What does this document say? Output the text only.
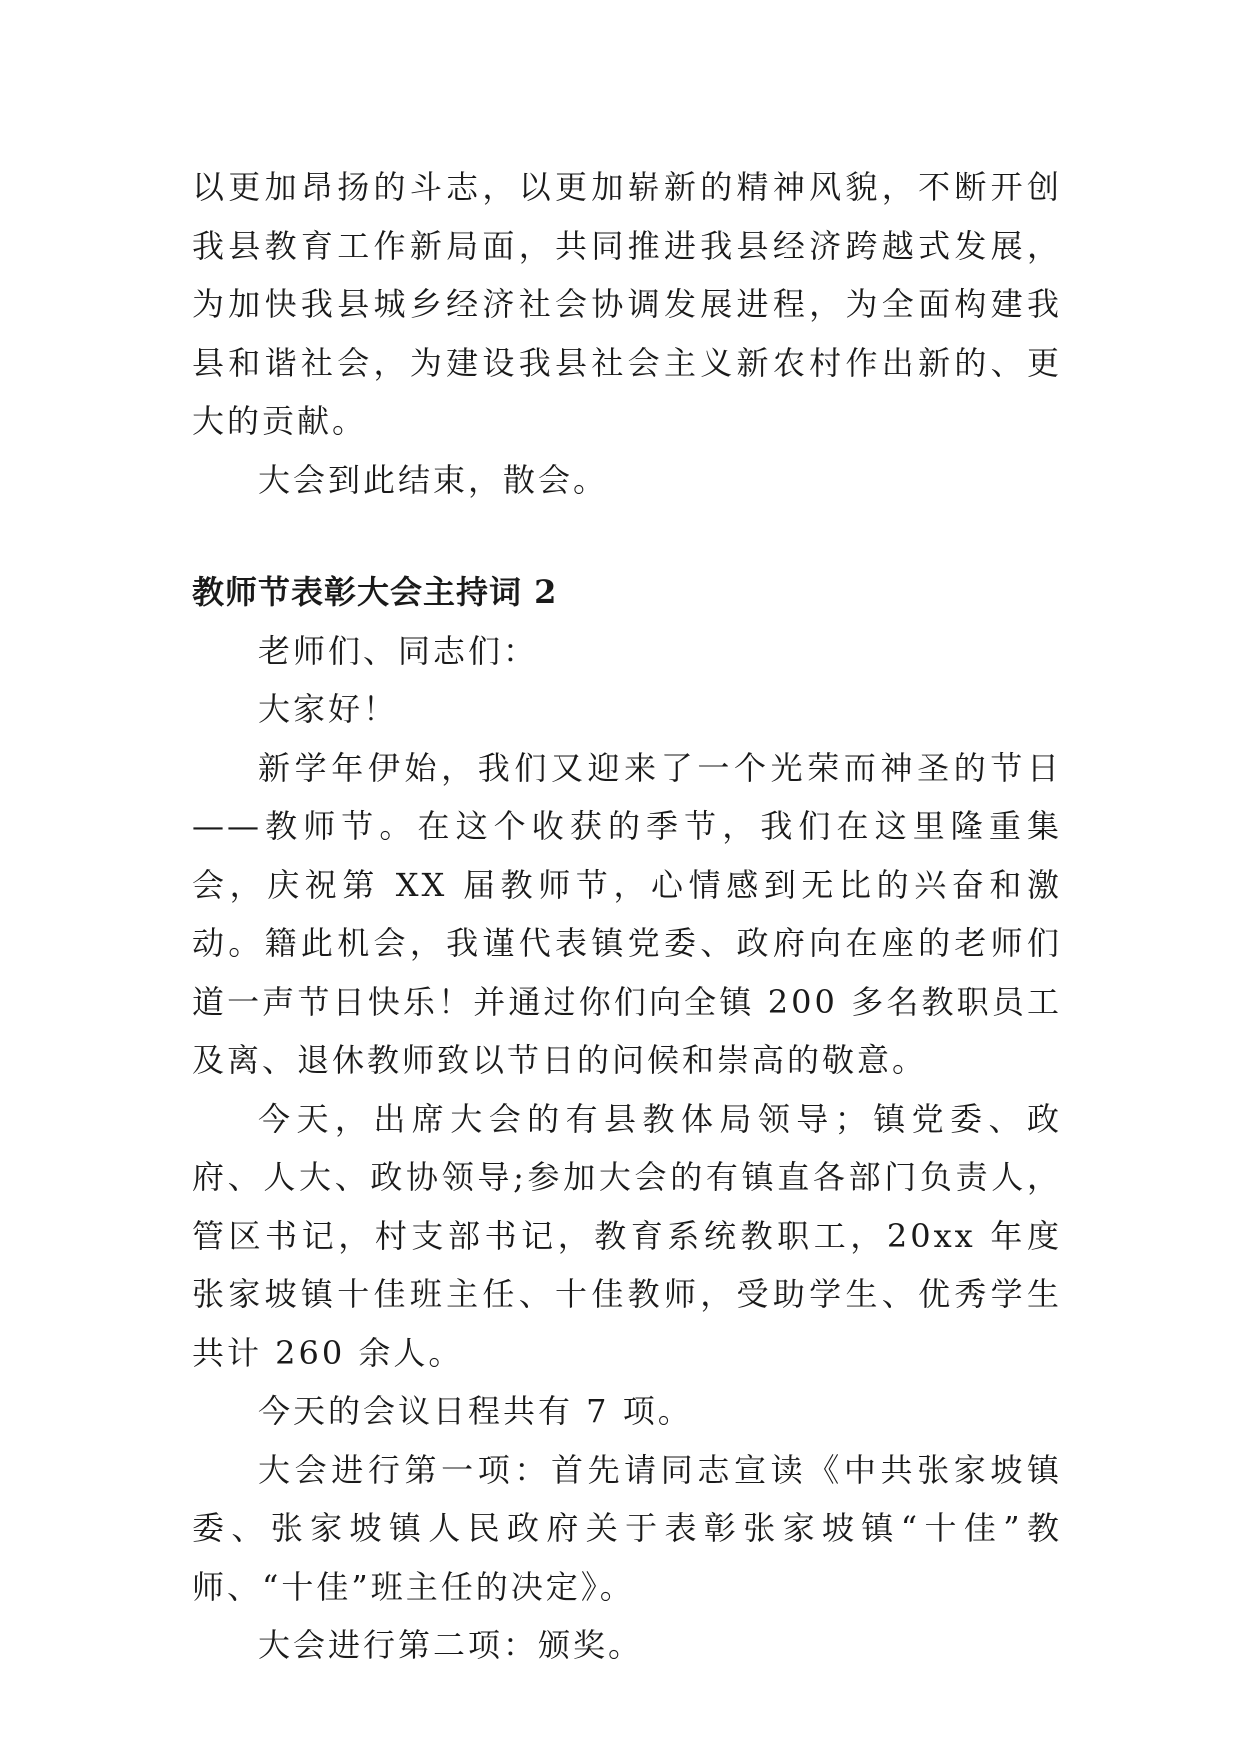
以更加昂扬的斗志，以更加崭新的精神风貌，不断开创我县教育工作新局面，共同推进我县经济跨越式发展，为加快我县城乡经济社会协调发展进程，为全面构建我县和谐社会，为建设我县社会主义新农村作出新的、更大的贡献。

大会到此结束，散会。

教师节表彰大会主持词 2

老师们、同志们：

大家好！

新学年伊始，我们又迎来了一个光荣而神圣的节日——教师节。在这个收获的季节，我们在这里隆重集会，庆祝第 XX 届教师节，心情感到无比的兴奋和激动。籍此机会，我谨代表镇党委、政府向在座的老师们道一声节日快乐！并通过你们向全镇 200 多名教职员工及离、退休教师致以节日的问候和崇高的敬意。

今天，出席大会的有县教体局领导；镇党委、政府、人大、政协领导;参加大会的有镇直各部门负责人，管区书记，村支部书记，教育系统教职工，20xx 年度张家坡镇十佳班主任、十佳教师，受助学生、优秀学生共计 260 余人。

今天的会议日程共有 7 项。

大会进行第一项：首先请同志宣读《中共张家坡镇委、张家坡镇人民政府关于表彰张家坡镇“十佳”教师、“十佳”班主任的决定》。

大会进行第二项：颁奖。
